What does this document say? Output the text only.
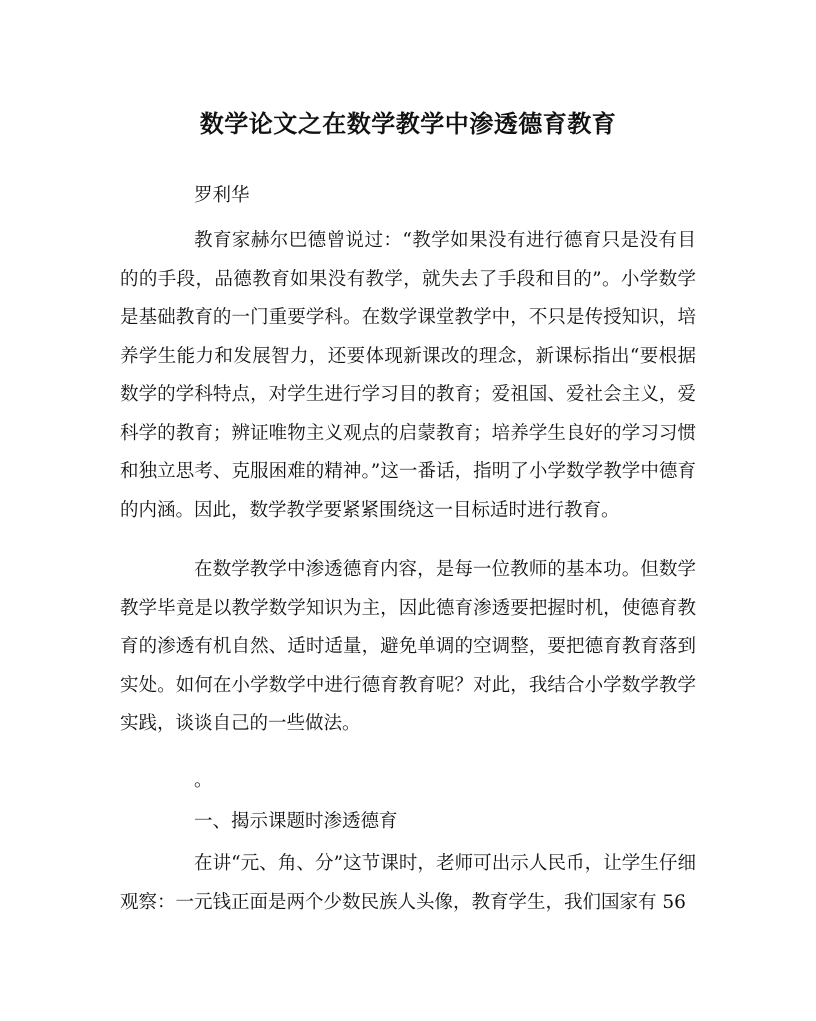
数学论文之在数学教学中渗透德育教育

罗利华

教育家赫尔巴德曾说过：“教学如果没有进行德育只是没有目的的手段，品德教育如果没有教学，就失去了手段和目的”。小学数学是基础教育的一门重要学科。在数学课堂教学中，不只是传授知识，培养学生能力和发展智力，还要体现新课改的理念，新课标指出“要根据数学的学科特点，对学生进行学习目的教育；爱祖国、爱社会主义，爱科学的教育；辨证唯物主义观点的启蒙教育；培养学生良好的学习习惯和独立思考、克服困难的精神。”这一番话，指明了小学数学教学中德育的内涵。因此，数学教学要紧紧围绕这一目标适时进行教育。

在数学教学中渗透德育内容，是每一位教师的基本功。但数学教学毕竟是以教学数学知识为主，因此德育渗透要把握时机，使德育教育的渗透有机自然、适时适量，避免单调的空调整，要把德育教育落到实处。如何在小学数学中进行德育教育呢？对此，我结合小学数学教学实践，谈谈自己的一些做法。

。

一、揭示课题时渗透德育

在讲“元、角、分”这节课时，老师可出示人民币，让学生仔细观察：一元钱正面是两个少数民族人头像，教育学生，我们国家有 56
